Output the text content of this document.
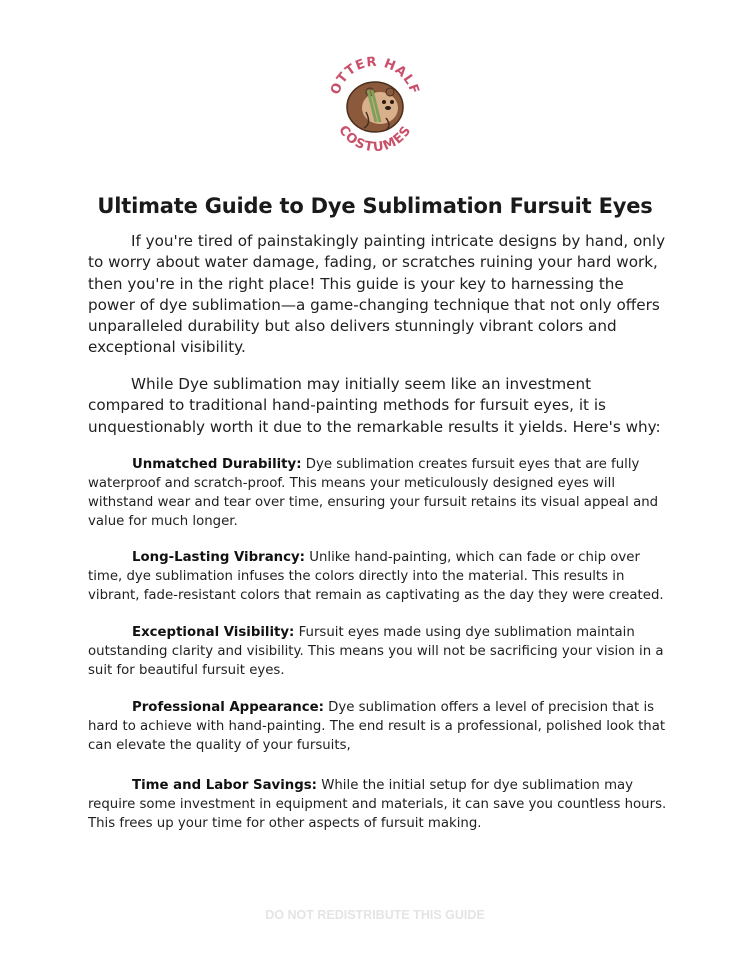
OTTER HALF
COSTUMES
Ultimate Guide to Dye Sublimation Fursuit Eyes

If you're tired of painstakingly painting intricate designs by hand, only to worry about water damage, fading, or scratches ruining your hard work, then you're in the right place! This guide is your key to harnessing the power of dye sublimation—a game-changing technique that not only offers unparalleled durability but also delivers stunningly vibrant colors and exceptional visibility.

While Dye sublimation may initially seem like an investment compared to traditional hand-painting methods for fursuit eyes, it is unquestionably worth it due to the remarkable results it yields. Here's why:

Unmatched Durability: Dye sublimation creates fursuit eyes that are fully waterproof and scratch-proof. This means your meticulously designed eyes will withstand wear and tear over time, ensuring your fursuit retains its visual appeal and value for much longer.

Long-Lasting Vibrancy: Unlike hand-painting, which can fade or chip over time, dye sublimation infuses the colors directly into the material. This results in vibrant, fade-resistant colors that remain as captivating as the day they were created.

Exceptional Visibility: Fursuit eyes made using dye sublimation maintain outstanding clarity and visibility. This means you will not be sacrificing your vision in a suit for beautiful fursuit eyes.

Professional Appearance: Dye sublimation offers a level of precision that is hard to achieve with hand-painting. The end result is a professional, polished look that can elevate the quality of your fursuits,

Time and Labor Savings: While the initial setup for dye sublimation may require some investment in equipment and materials, it can save you countless hours. This frees up your time for other aspects of fursuit making.

DO NOT REDISTRIBUTE THIS GUIDE
